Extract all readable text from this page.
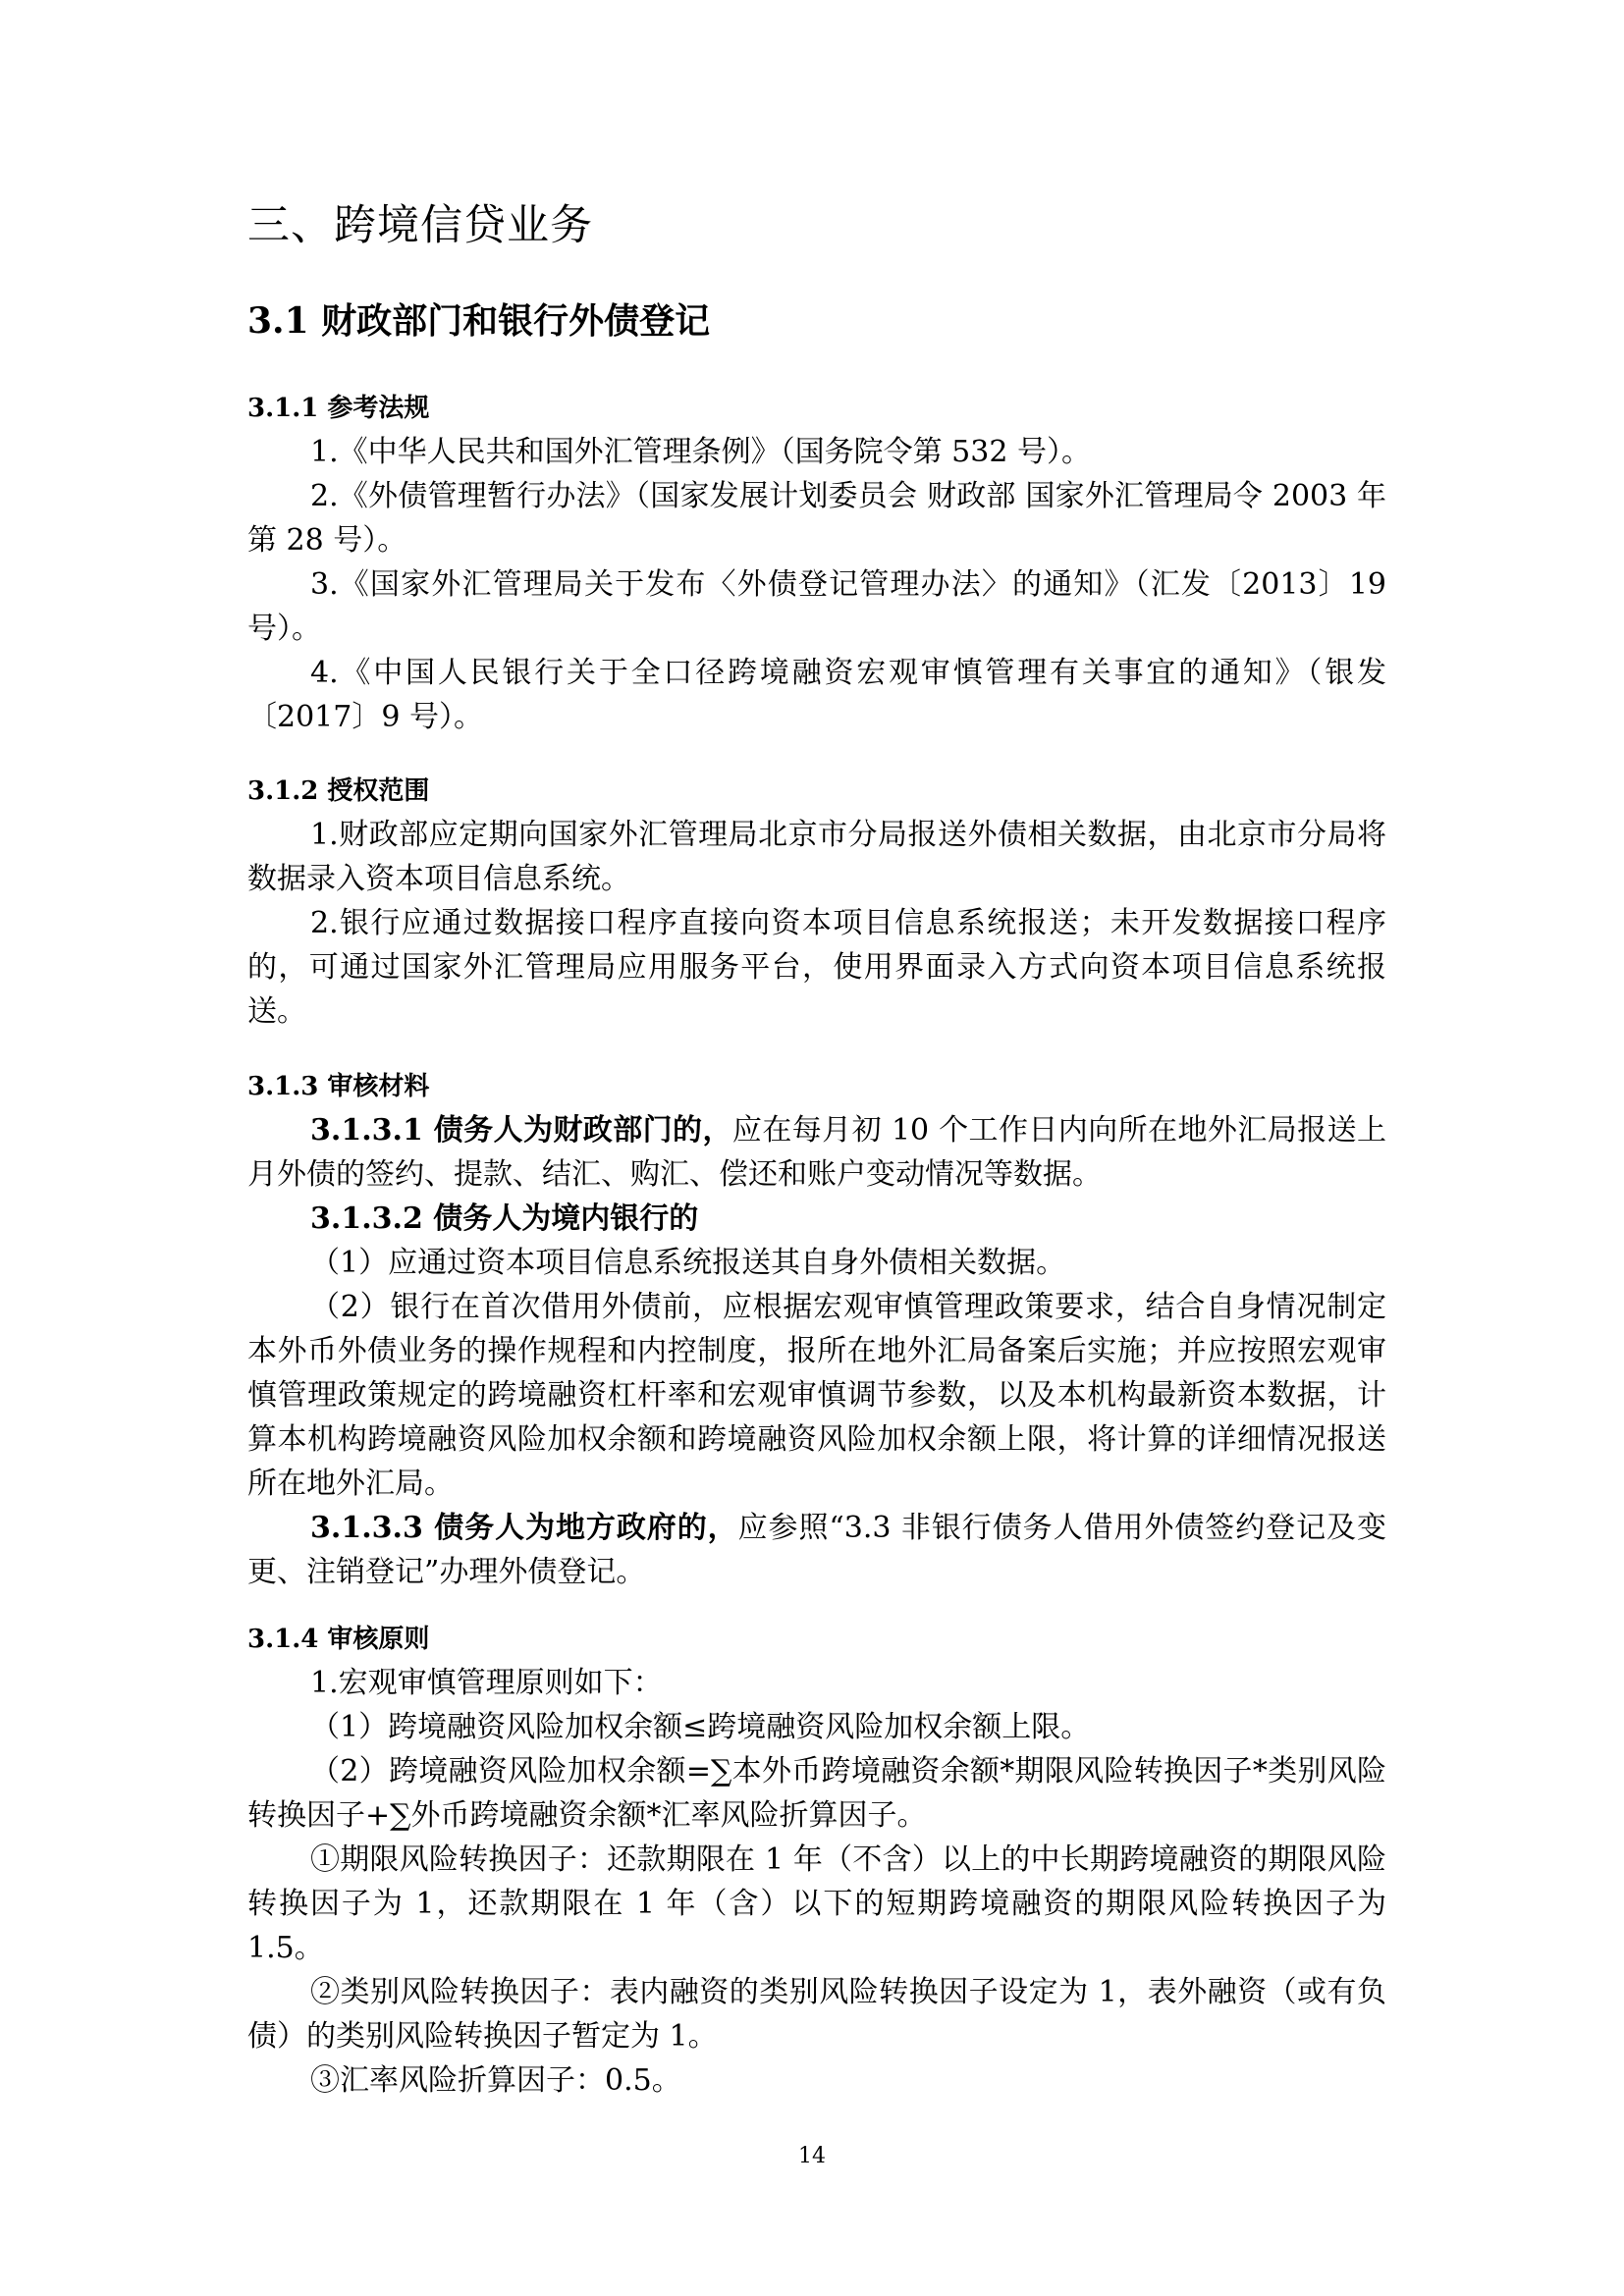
三、跨境信贷业务
3.1 财政部门和银行外债登记
3.1.1 参考法规
1.《中华人民共和国外汇管理条例》（国务院令第 532 号）。
2.《外债管理暂行办法》（国家发展计划委员会 财政部 国家外汇管理局令 2003 年第 28 号）。
3.《国家外汇管理局关于发布〈外债登记管理办法〉的通知》（汇发〔2013〕19 号）。
4.《中国人民银行关于全口径跨境融资宏观审慎管理有关事宜的通知》（银发〔2017〕9 号）。
3.1.2 授权范围
1.财政部应定期向国家外汇管理局北京市分局报送外债相关数据，由北京市分局将数据录入资本项目信息系统。
2.银行应通过数据接口程序直接向资本项目信息系统报送；未开发数据接口程序的，可通过国家外汇管理局应用服务平台，使用界面录入方式向资本项目信息系统报送。
3.1.3 审核材料
3.1.3.1 债务人为财政部门的，应在每月初 10 个工作日内向所在地外汇局报送上月外债的签约、提款、结汇、购汇、偿还和账户变动情况等数据。
3.1.3.2 债务人为境内银行的
（1）应通过资本项目信息系统报送其自身外债相关数据。
（2）银行在首次借用外债前，应根据宏观审慎管理政策要求，结合自身情况制定本外币外债业务的操作规程和内控制度，报所在地外汇局备案后实施；并应按照宏观审慎管理政策规定的跨境融资杠杆率和宏观审慎调节参数，以及本机构最新资本数据，计算本机构跨境融资风险加权余额和跨境融资风险加权余额上限，将计算的详细情况报送所在地外汇局。
3.1.3.3 债务人为地方政府的，应参照“3.3 非银行债务人借用外债签约登记及变更、注销登记”办理外债登记。
3.1.4 审核原则
1.宏观审慎管理原则如下：
（1）跨境融资风险加权余额≤跨境融资风险加权余额上限。
（2）跨境融资风险加权余额=∑本外币跨境融资余额*期限风险转换因子*类别风险转换因子+∑外币跨境融资余额*汇率风险折算因子。
①期限风险转换因子：还款期限在 1 年（不含）以上的中长期跨境融资的期限风险转换因子为 1，还款期限在 1 年（含）以下的短期跨境融资的期限风险转换因子为 1.5。
②类别风险转换因子：表内融资的类别风险转换因子设定为 1，表外融资（或有负债）的类别风险转换因子暂定为 1。
③汇率风险折算因子：0.5。
14
